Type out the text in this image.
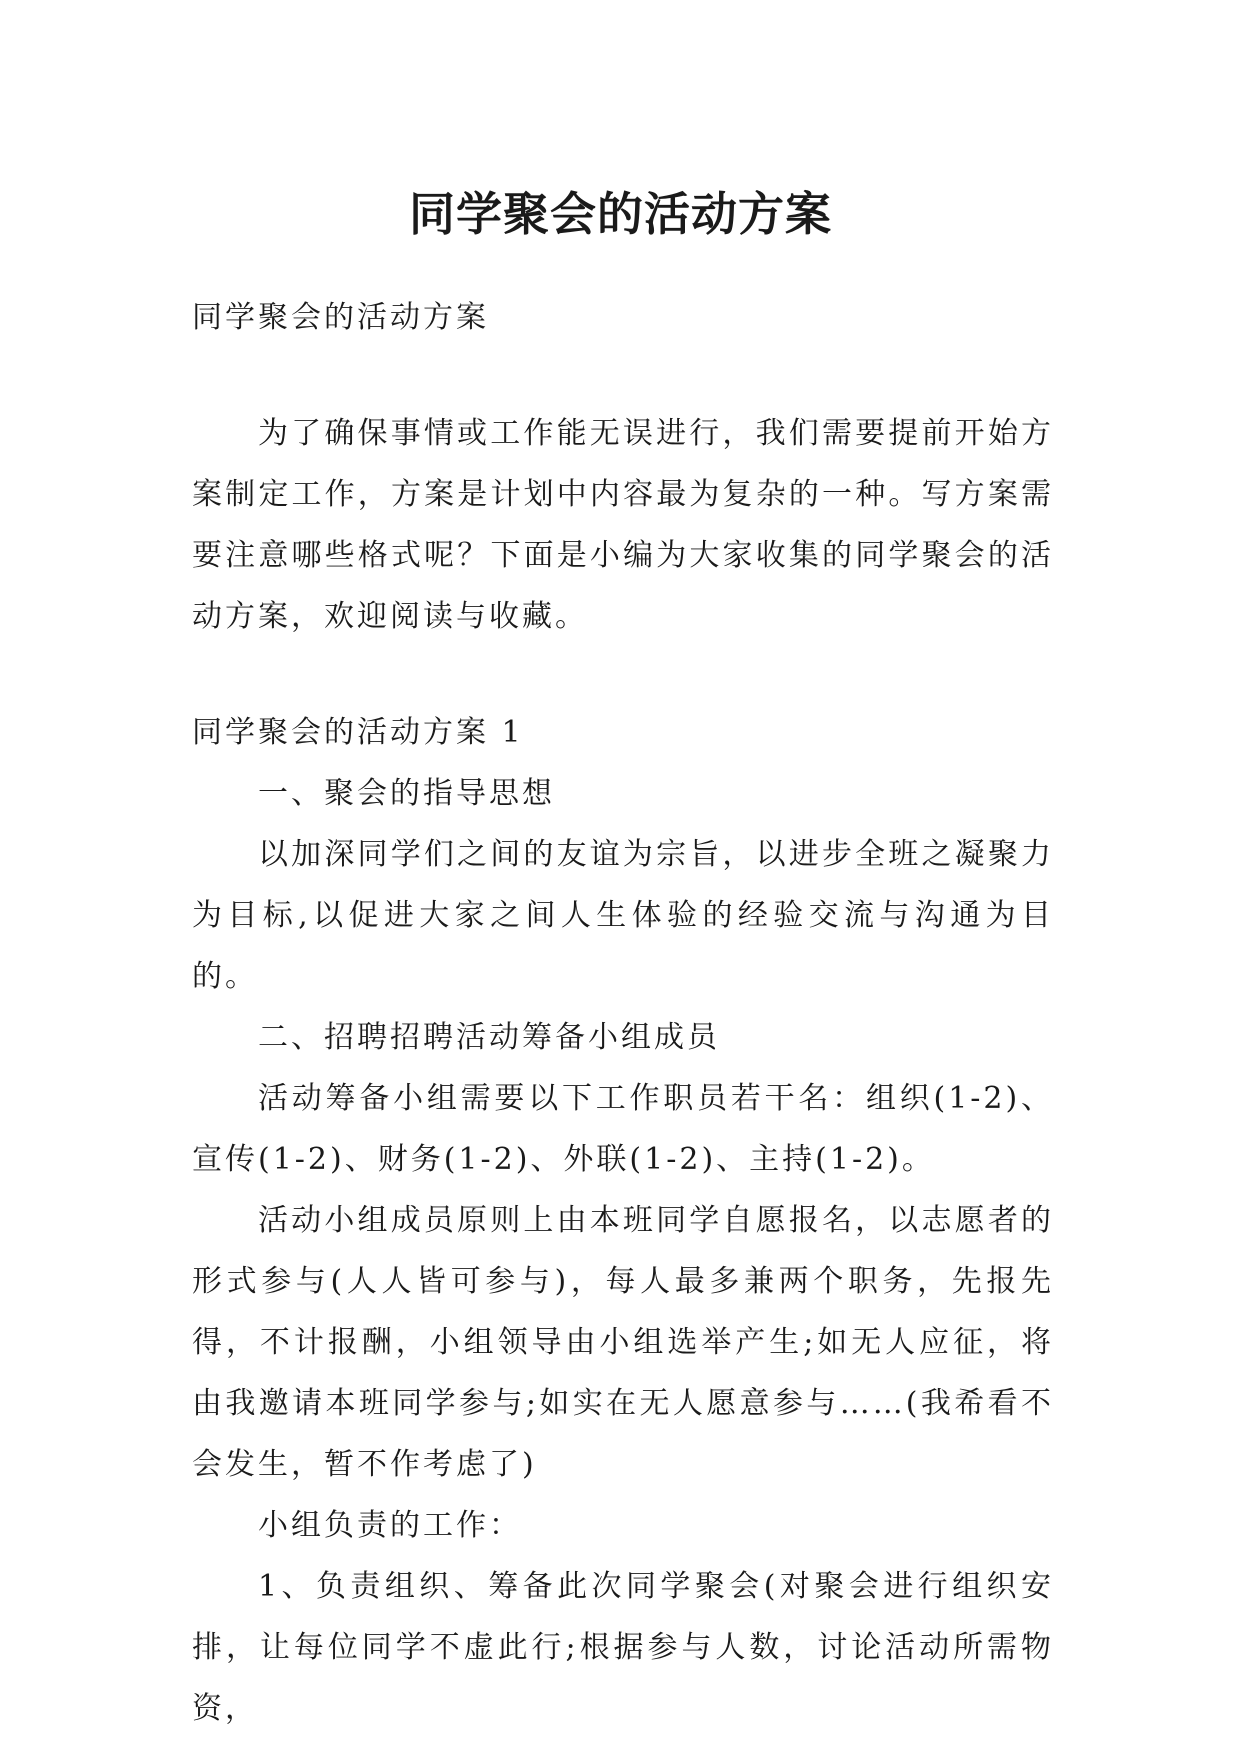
同学聚会的活动方案

同学聚会的活动方案

为了确保事情或工作能无误进行，我们需要提前开始方案制定工作，方案是计划中内容最为复杂的一种。写方案需要注意哪些格式呢？下面是小编为大家收集的同学聚会的活动方案，欢迎阅读与收藏。

同学聚会的活动方案 1

一、聚会的指导思想

以加深同学们之间的友谊为宗旨，以进步全班之凝聚力为目标,以促进大家之间人生体验的经验交流与沟通为目的。

二、招聘招聘活动筹备小组成员

活动筹备小组需要以下工作职员若干名：组织(1-2)、宣传(1-2)、财务(1-2)、外联(1-2)、主持(1-2)。

活动小组成员原则上由本班同学自愿报名，以志愿者的形式参与(人人皆可参与)，每人最多兼两个职务，先报先得，不计报酬，小组领导由小组选举产生;如无人应征，将由我邀请本班同学参与;如实在无人愿意参与……(我希看不会发生，暂不作考虑了)

小组负责的工作：

1、负责组织、筹备此次同学聚会(对聚会进行组织安排，让每位同学不虚此行;根据参与人数，讨论活动所需物资，
